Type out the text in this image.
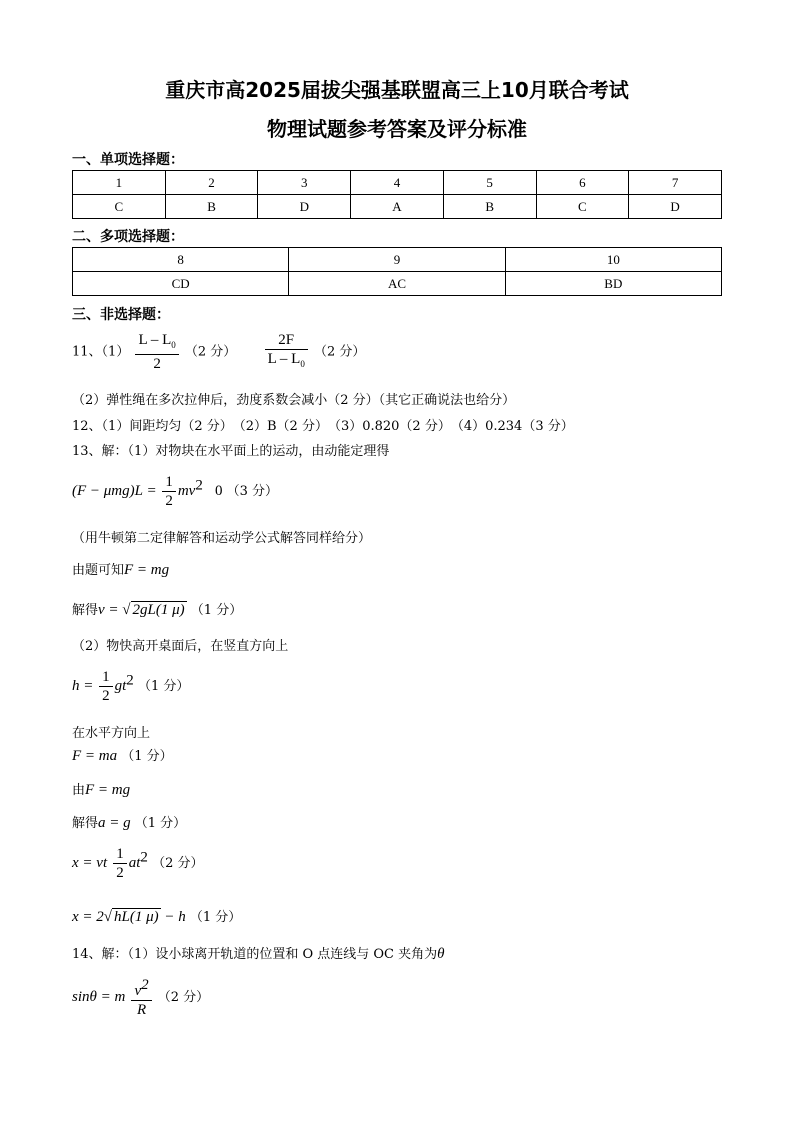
重庆市高2025届拔尖强基联盟高三上10月联合考试
物理试题参考答案及评分标准
一、单项选择题：
1	2	3	4	5	6	7
C	B	D	A	B	C	D
二、多项选择题：
8	9	10
CD	AC	BD
三、非选择题：
11、$(1) \frac{L - L_0}{2} (2$ 分） $\frac{2F}{L - L_0} (2$ 分）
（2）弹性绳在多次拉伸后，劲度系数会减小（2 分）（其它正确说法也给分）
12、（1）间距均匀（2 分）　（2）B（2 分）　（3）0.820（2 分）　（4）0.234（3 分）
13、解：（1）对物块在水平面上的运动，由动能定理得
$(F - \mu mg)L = \frac{1}{2} mv^2$ 0 （3 分）
（用牛顿第二定律解答和运动学公式解答同样给分）
由题可知F = mg
解得v = √ 2gL(1 μ) （1 分）
（2）物快高开桌面后，在竖直方向上
$h = \frac{1}{2} gt^2$ （1 分）
在水平方向上
F = ma （1 分）
由F = mg
解得a = g （1 分）
x = vt $\frac{1}{2} at^2$ （2 分）
x = 2√ hL(1 μ) − h （1 分）
14、解：（1）设小球离开轨道的位置和 O 点连线与 OC 夹角为θ
sinθ = m $\frac{v^2}{R} (2$ 分）
